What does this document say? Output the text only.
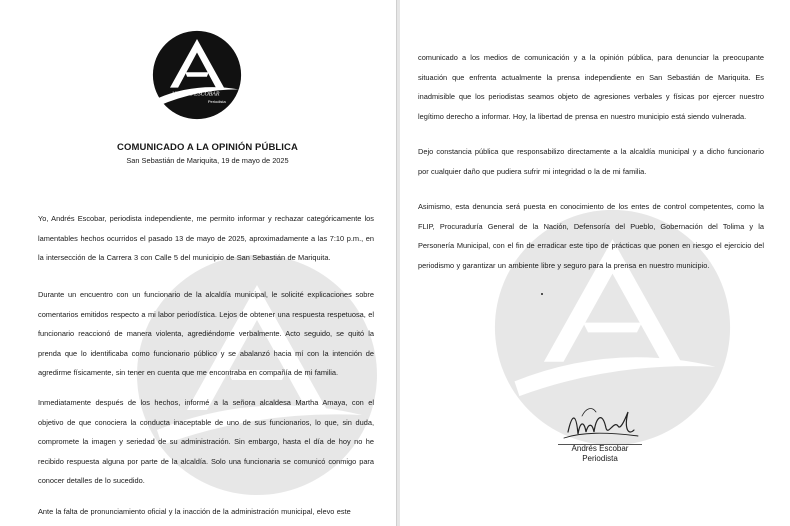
ANDRÉS ESCOBAR
Periodista
COMUNICADO A LA OPINIÓN PÚBLICA
San Sebastián de Mariquita, 19 de mayo de 2025

Yo, Andrés Escobar, periodista independiente, me permito informar y rechazar categóricamente los lamentables hechos ocurridos el pasado 13 de mayo de 2025, aproximadamente a las 7:10 p.m., en la intersección de la Carrera 3 con Calle 5 del municipio de San Sebastián de Mariquita.

Durante un encuentro con un funcionario de la alcaldía municipal, le solicité explicaciones sobre comentarios emitidos respecto a mi labor periodística. Lejos de obtener una respuesta respetuosa, el funcionario reaccionó de manera violenta, agrediéndome verbalmente. Acto seguido, se quitó la prenda que lo identificaba como funcionario público y se abalanzó hacia mí con la intención de agredirme físicamente, sin tener en cuenta que me encontraba en compañía de mi familia.

Inmediatamente después de los hechos, informé a la señora alcaldesa Martha Amaya, con el objetivo de que conociera la conducta inaceptable de uno de sus funcionarios, lo que, sin duda, compromete la imagen y seriedad de su administración. Sin embargo, hasta el día de hoy no he recibido respuesta alguna por parte de la alcaldía. Solo una funcionaria se comunicó conmigo para conocer detalles de lo sucedido.

Ante la falta de pronunciamiento oficial y la inacción de la administración municipal, elevo este

comunicado a los medios de comunicación y a la opinión pública, para denunciar la preocupante situación que enfrenta actualmente la prensa independiente en San Sebastián de Mariquita. Es inadmisible que los periodistas seamos objeto de agresiones verbales y físicas por ejercer nuestro legítimo derecho a informar. Hoy, la libertad de prensa en nuestro municipio está siendo vulnerada.

Dejo constancia pública que responsabilizo directamente a la alcaldía municipal y a dicho funcionario por cualquier daño que pudiera sufrir mi integridad o la de mi familia.

Asimismo, esta denuncia será puesta en conocimiento de los entes de control competentes, como la FLIP, Procuraduría General de la Nación, Defensoría del Pueblo, Gobernación del Tolima y la Personería Municipal, con el fin de erradicar este tipo de prácticas que ponen en riesgo el ejercicio del periodismo y garantizar un ambiente libre y seguro para la prensa en nuestro municipio.

Andrés Escobar
Periodista
